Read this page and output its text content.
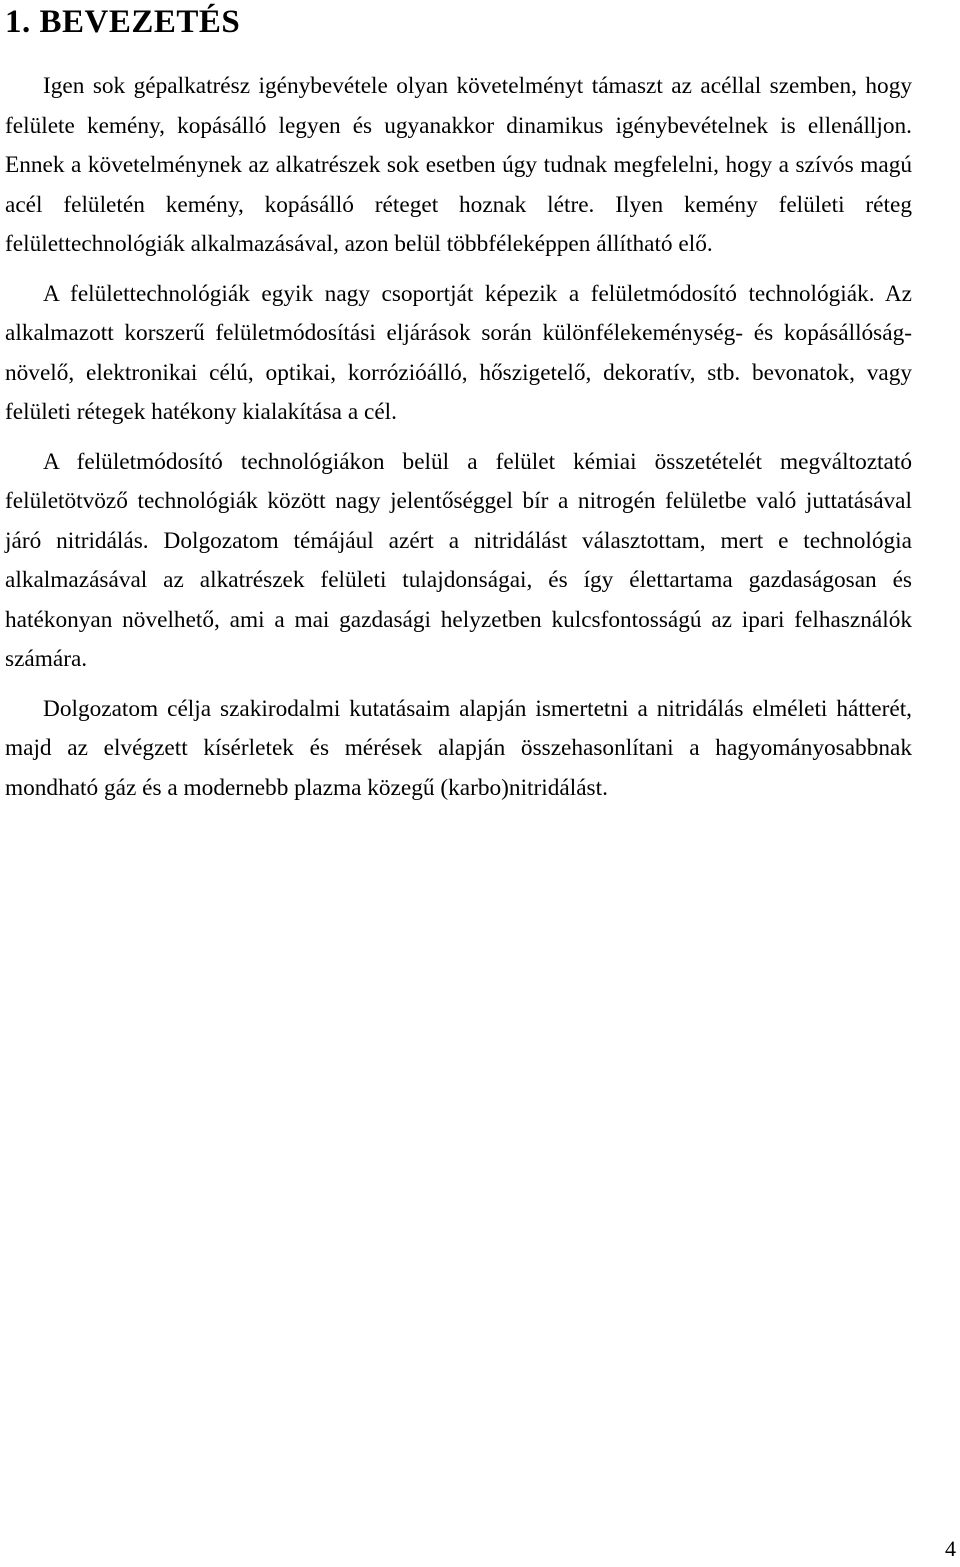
1. BEVEZETÉS

Igen sok gépalkatrész igénybevétele olyan követelményt támaszt az acéllal szemben, hogy felülete kemény, kopásálló legyen és ugyanakkor dinamikus igénybevételnek is ellenálljon. Ennek a követelménynek az alkatrészek sok esetben úgy tudnak megfelelni, hogy a szívós magú acél felületén kemény, kopásálló réteget hoznak létre. Ilyen kemény felületi réteg felülettechnológiák alkalmazásával, azon belül többféleképpen állítható elő.

A felülettechnológiák egyik nagy csoportját képezik a felületmódosító technológiák. Az alkalmazott korszerű felületmódosítási eljárások során különfélekeménység- és kopásállóság-növelő, elektronikai célú, optikai, korrózióálló, hőszigetelő, dekoratív, stb. bevonatok, vagy felületi rétegek hatékony kialakítása a cél.

A felületmódosító technológiákon belül a felület kémiai összetételét megváltoztató felületötvöző technológiák között nagy jelentőséggel bír a nitrogén felületbe való juttatásával járó nitridálás. Dolgozatom témájául azért a nitridálást választottam, mert e technológia alkalmazásával az alkatrészek felületi tulajdonságai, és így élettartama gazdaságosan és hatékonyan növelhető, ami a mai gazdasági helyzetben kulcsfontosságú az ipari felhasználók számára.

Dolgozatom célja szakirodalmi kutatásaim alapján ismertetni a nitridálás elméleti hátterét, majd az elvégzett kísérletek és mérések alapján összehasonlítani a hagyományosabbnak mondható gáz és a modernebb plazma közegű (karbo)nitridálást.

4
